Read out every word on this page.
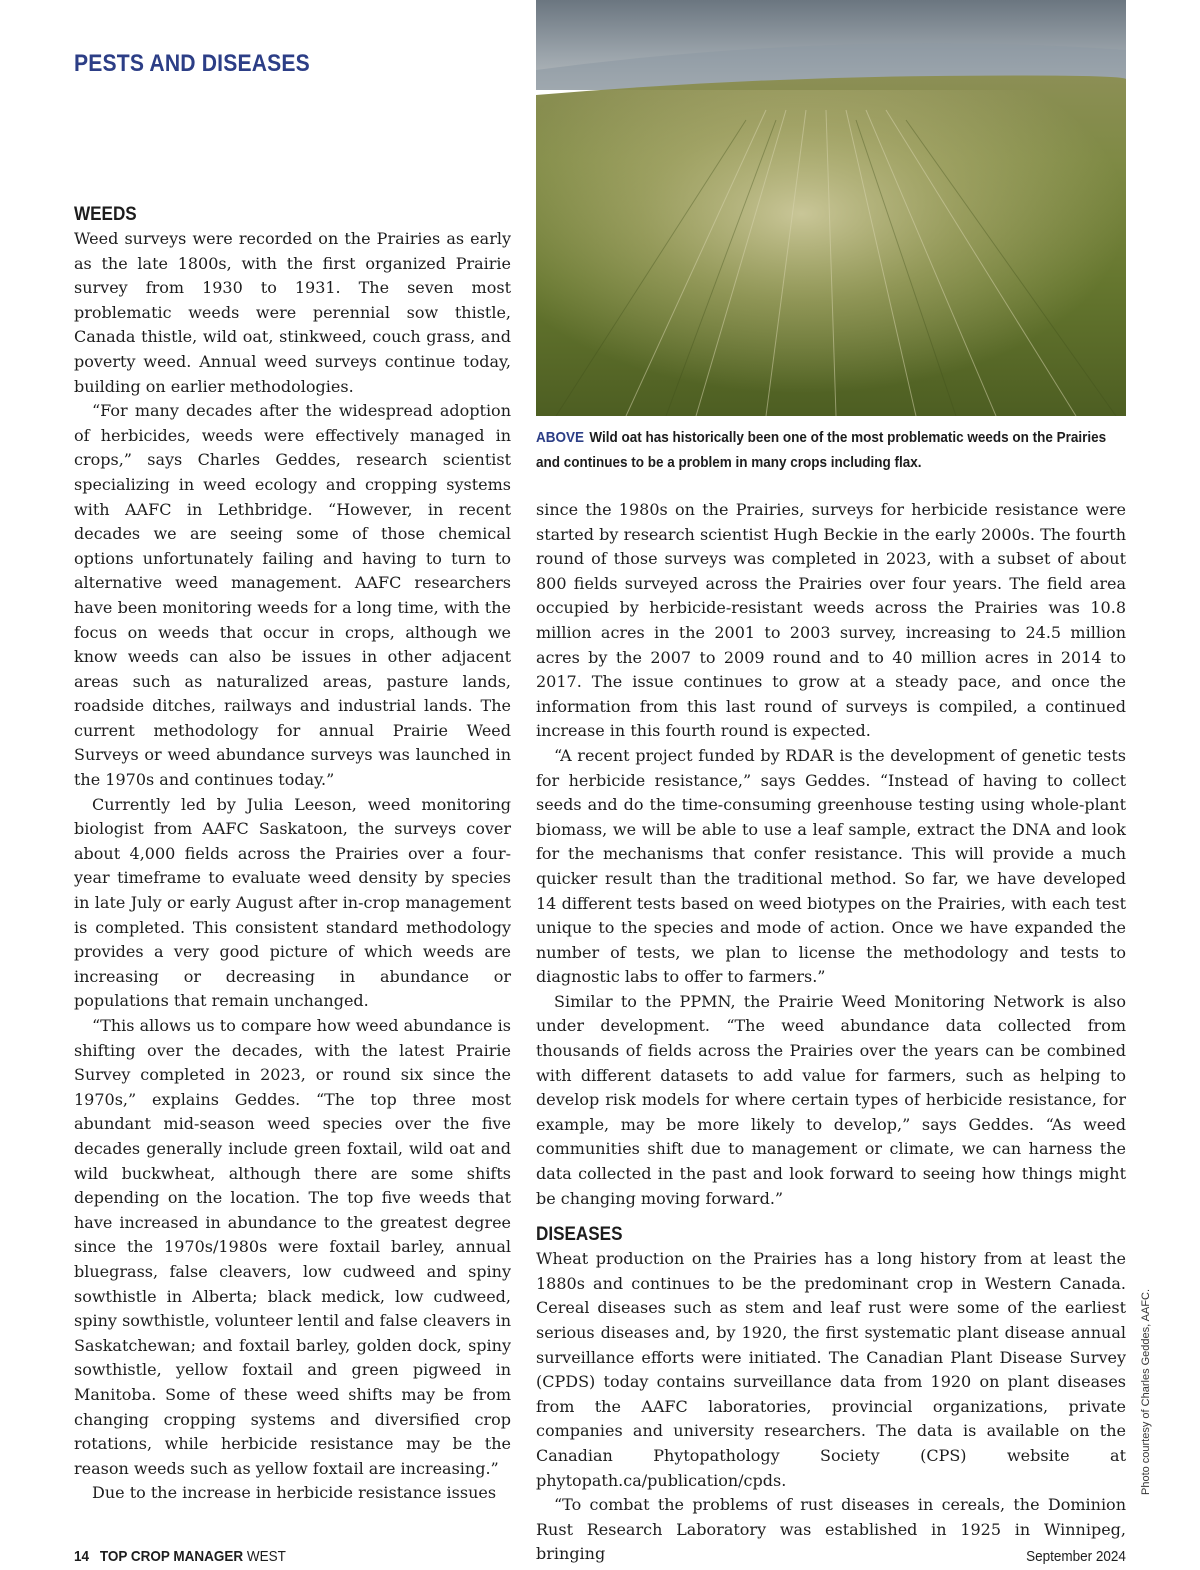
PESTS AND DISEASES
ABOVE Wild oat has historically been one of the most problematic weeds on the Prairies and continues to be a problem in many crops including flax.
WEEDS

Weed surveys were recorded on the Prairies as early as the late 1800s, with the first organized Prairie survey from 1930 to 1931. The seven most problematic weeds were perennial sow thistle, Canada thistle, wild oat, stinkweed, couch grass, and poverty weed. Annual weed surveys continue today, building on earlier methodologies.

“For many decades after the widespread adoption of herbicides, weeds were effectively managed in crops,” says Charles Geddes, research scientist specializing in weed ecology and cropping systems with AAFC in Lethbridge. “However, in recent decades we are seeing some of those chemical options unfortunately failing and having to turn to alternative weed management. AAFC researchers have been monitoring weeds for a long time, with the focus on weeds that occur in crops, although we know weeds can also be issues in other adjacent areas such as naturalized areas, pasture lands, roadside ditches, railways and industrial lands. The current methodology for annual Prairie Weed Surveys or weed abundance surveys was launched in the 1970s and continues today.”

Currently led by Julia Leeson, weed monitoring biologist from AAFC Saskatoon, the surveys cover about 4,000 fields across the Prairies over a four-year timeframe to evaluate weed density by species in late July or early August after in-crop management is completed. This consistent standard methodology provides a very good picture of which weeds are increasing or decreasing in abundance or populations that remain unchanged.

“This allows us to compare how weed abundance is shifting over the decades, with the latest Prairie Survey completed in 2023, or round six since the 1970s,” explains Geddes. “The top three most abundant mid-season weed species over the five decades generally include green foxtail, wild oat and wild buckwheat, although there are some shifts depending on the location. The top five weeds that have increased in abundance to the greatest degree since the 1970s/1980s were foxtail barley, annual bluegrass, false cleavers, low cudweed and spiny sowthistle in Alberta; black medick, low cudweed, spiny sowthistle, volunteer lentil and false cleavers in Saskatchewan; and foxtail barley, golden dock, spiny sowthistle, yellow foxtail and green pigweed in Manitoba. Some of these weed shifts may be from changing cropping systems and diversified crop rotations, while herbicide resistance may be the reason weeds such as yellow foxtail are increasing.”

Due to the increase in herbicide resistance issues

since the 1980s on the Prairies, surveys for herbicide resistance were started by research scientist Hugh Beckie in the early 2000s. The fourth round of those surveys was completed in 2023, with a subset of about 800 fields surveyed across the Prairies over four years. The field area occupied by herbicide-resistant weeds across the Prairies was 10.8 million acres in the 2001 to 2003 survey, increasing to 24.5 million acres by the 2007 to 2009 round and to 40 million acres in 2014 to 2017. The issue continues to grow at a steady pace, and once the information from this last round of surveys is compiled, a continued increase in this fourth round is expected.

“A recent project funded by RDAR is the development of genetic tests for herbicide resistance,” says Geddes. “Instead of having to collect seeds and do the time-consuming greenhouse testing using whole-plant biomass, we will be able to use a leaf sample, extract the DNA and look for the mechanisms that confer resistance. This will provide a much quicker result than the traditional method. So far, we have developed 14 different tests based on weed biotypes on the Prairies, with each test unique to the species and mode of action. Once we have expanded the number of tests, we plan to license the methodology and tests to diagnostic labs to offer to farmers.”

Similar to the PPMN, the Prairie Weed Monitoring Network is also under development. “The weed abundance data collected from thousands of fields across the Prairies over the years can be combined with different datasets to add value for farmers, such as helping to develop risk models for where certain types of herbicide resistance, for example, may be more likely to develop,” says Geddes. “As weed communities shift due to management or climate, we can harness the data collected in the past and look forward to seeing how things might be changing moving forward.”

DISEASES

Wheat production on the Prairies has a long history from at least the 1880s and continues to be the predominant crop in Western Canada. Cereal diseases such as stem and leaf rust were some of the earliest serious diseases and, by 1920, the first systematic plant disease annual surveillance efforts were initiated. The Canadian Plant Disease Survey (CPDS) today contains surveillance data from 1920 on plant diseases from the AAFC laboratories, provincial organizations, private companies and university researchers. The data is available on the Canadian Phytopathology Society (CPS) website at phytopath.ca/publication/cpds.

“To combat the problems of rust diseases in cereals, the Dominion Rust Research Laboratory was established in 1925 in Winnipeg, bringing

Photo courtesy of Charles Geddes, AAFC.
14 TOP CROP MANAGER WEST	September 2024
